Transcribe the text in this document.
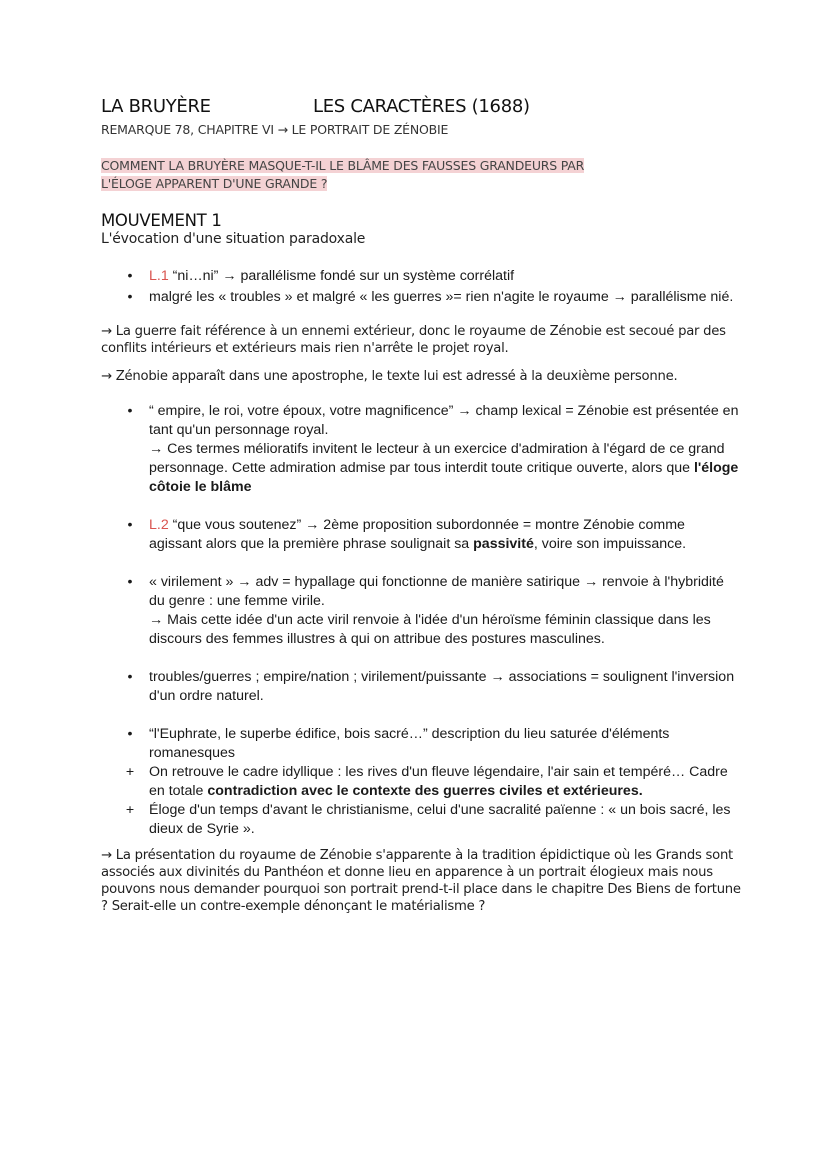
LA BRUYÈRE	LES CARACTÈRES (1688)
REMARQUE 78, CHAPITRE VI → LE PORTRAIT DE ZÉNOBIE
COMMENT LA BRUYÈRE MASQUE-T-IL LE BLÂME DES FAUSSES GRANDEURS PAR
L'ÉLOGE APPARENT D'UNE GRANDE ?
MOUVEMENT 1
L'évocation d'une situation paradoxale
•	L.1 “ni…ni” → parallélisme fondé sur un système corrélatif
•	malgré les « troubles » et malgré « les guerres »= rien n'agite le royaume → parallélisme nié.

→ La guerre fait référence à un ennemi extérieur, donc le royaume de Zénobie est secoué par des conflits intérieurs et extérieurs mais rien n'arrête le projet royal.

→ Zénobie apparaît dans une apostrophe, le texte lui est adressé à la deuxième personne.

•	“ empire, le roi, votre époux, votre magnificence” → champ lexical = Zénobie est présentée en tant qu'un personnage royal.
→ Ces termes mélioratifs invitent le lecteur à un exercice d'admiration à l'égard de ce grand personnage. Cette admiration admise par tous interdit toute critique ouverte, alors que l'éloge côtoie le blâme
•	L.2 “que vous soutenez” → 2ème proposition subordonnée = montre Zénobie comme agissant alors que la première phrase soulignait sa passivité, voire son impuissance.
•	« virilement » → adv = hypallage qui fonctionne de manière satirique → renvoie à l'hybridité du genre : une femme virile.
→ Mais cette idée d'un acte viril renvoie à l'idée d'un héroïsme féminin classique dans les discours des femmes illustres à qui on attribue des postures masculines.
•	troubles/guerres ; empire/nation ; virilement/puissante → associations = soulignent l'inversion d'un ordre naturel.
•	“l'Euphrate, le superbe édifice, bois sacré…” description du lieu saturée d'éléments romanesques
+ On retrouve le cadre idyllique : les rives d'un fleuve légendaire, l'air sain et tempéré… Cadre en totale contradiction avec le contexte des guerres civiles et extérieures.
+ Éloge d'un temps d'avant le christianisme, celui d'une sacralité païenne : « un bois sacré, les dieux de Syrie ».

→ La présentation du royaume de Zénobie s'apparente à la tradition épidictique où les Grands sont associés aux divinités du Panthéon et donne lieu en apparence à un portrait élogieux mais nous pouvons nous demander pourquoi son portrait prend-t-il place dans le chapitre Des Biens de fortune ? Serait-elle un contre-exemple dénonçant le matérialisme ?
